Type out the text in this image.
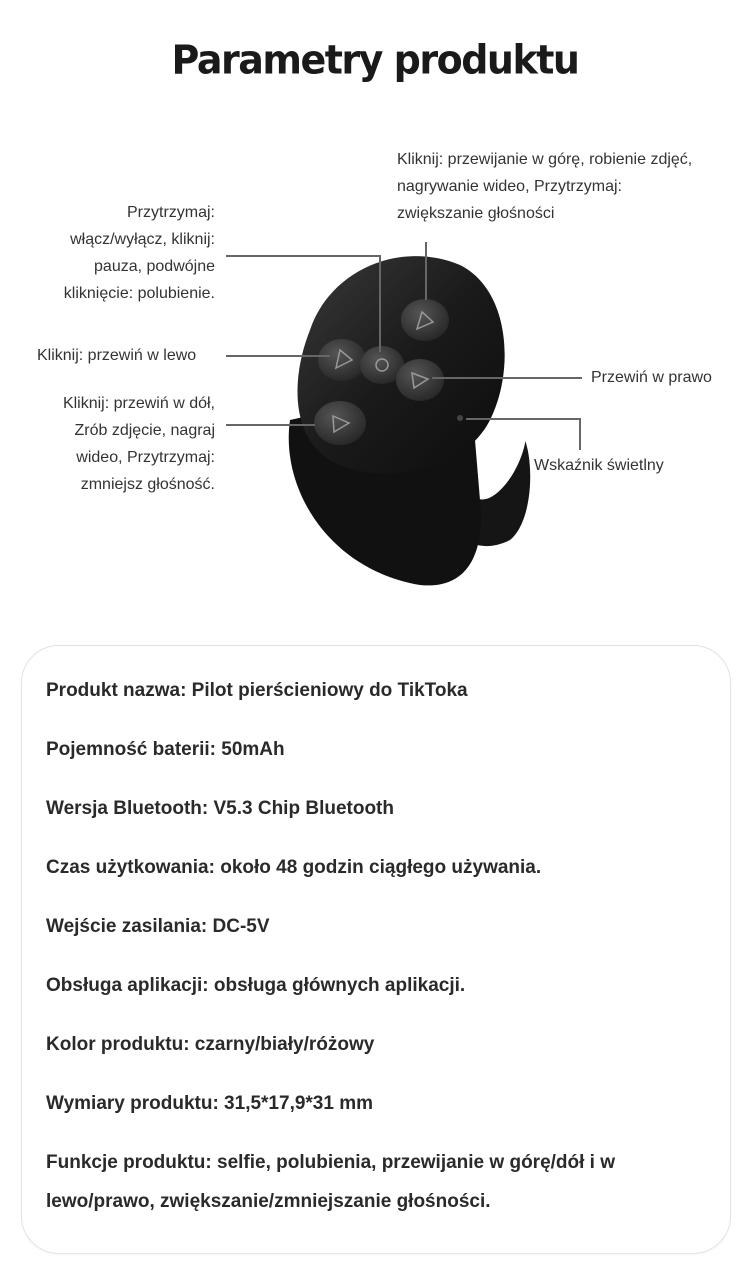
Parametry produktu
Kliknij: przewijanie w górę, robienie zdjęć,
nagrywanie wideo, Przytrzymaj:
zwiększanie głośności
Przytrzymaj:
włącz/wyłącz, kliknij:
pauza, podwójne
kliknięcie: polubienie.
Kliknij: przewiń w lewo
Kliknij: przewiń w dół,
Zrób zdjęcie, nagraj
wideo, Przytrzymaj:
zmniejsz głośność.
Przewiń w prawo
Wskaźnik świetlny
Produkt nazwa: Pilot pierścieniowy do TikToka
Pojemność baterii: 50mAh
Wersja Bluetooth: V5.3 Chip Bluetooth
Czas użytkowania: około 48 godzin ciągłego używania.
Wejście zasilania: DC-5V
Obsługa aplikacji: obsługa głównych aplikacji.
Kolor produktu: czarny/biały/różowy
Wymiary produktu: 31,5*17,9*31 mm
Funkcje produktu: selfie, polubienia, przewijanie w górę/dół i w
lewo/prawo, zwiększanie/zmniejszanie głośności.
